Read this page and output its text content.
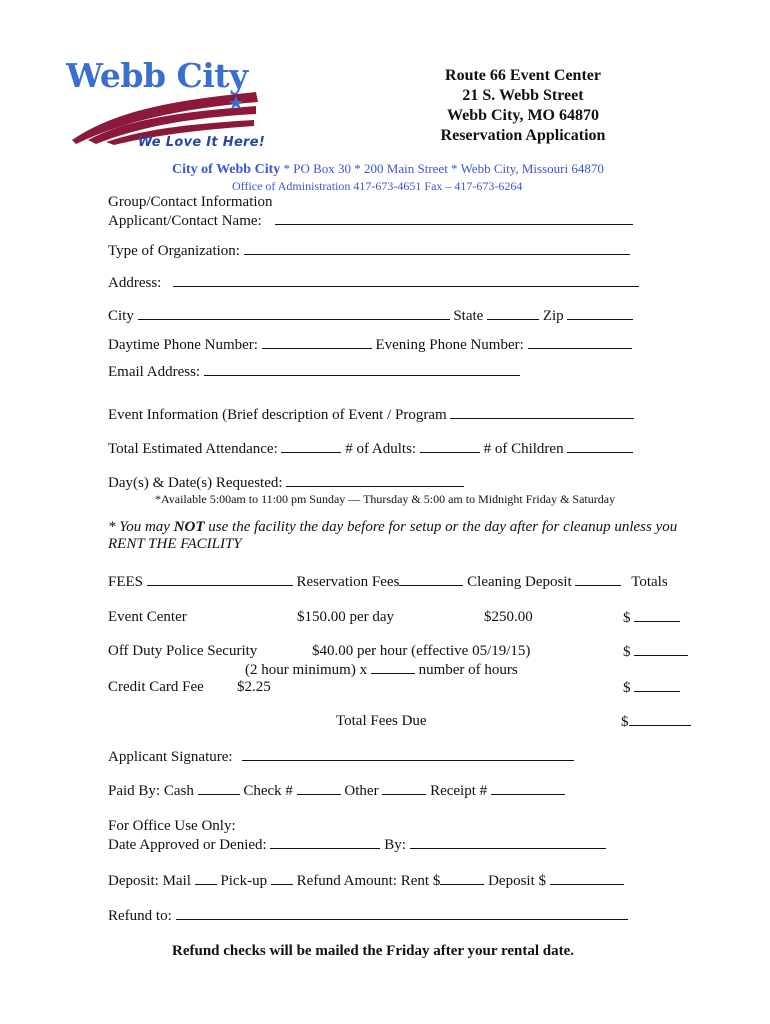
Webb City
We Love It Here!
Route 66 Event Center
21 S. Webb Street
Webb City, MO 64870
Reservation Application
City of Webb City * PO Box 30 * 200 Main Street * Webb City, Missouri 64870
Office of Administration 417-673-4651 Fax – 417-673-6264
Group/Contact Information
Applicant/Contact Name:
Type of Organization:
Address:
City	State	Zip
Daytime Phone Number:	Evening Phone Number:
Email Address:
Event Information (Brief description of Event / Program
Total Estimated Attendance:	# of Adults:	# of Children
Day(s) & Date(s) Requested:
*Available 5:00am to 11:00 pm Sunday — Thursday & 5:00 am to Midnight Friday & Saturday
* You may NOT use the facility the day before for setup or the day after for cleanup unless you
RENT THE FACILITY
FEES	Reservation Fees	Cleaning Deposit	Totals
Event Center	$150.00 per day	$250.00	$
Off Duty Police Security	$40.00 per hour (effective 05/19/15)	$
(2 hour minimum) x	number of hours
Credit Card Fee $2.25	$
Total Fees Due	$
Applicant Signature:
Paid By: Cash	Check #	Other	Receipt #
For Office Use Only:
Date Approved or Denied:	By:
Deposit: Mail Pick-up Refund Amount: Rent $	Deposit $
Refund to:
Refund checks will be mailed the Friday after your rental date.
